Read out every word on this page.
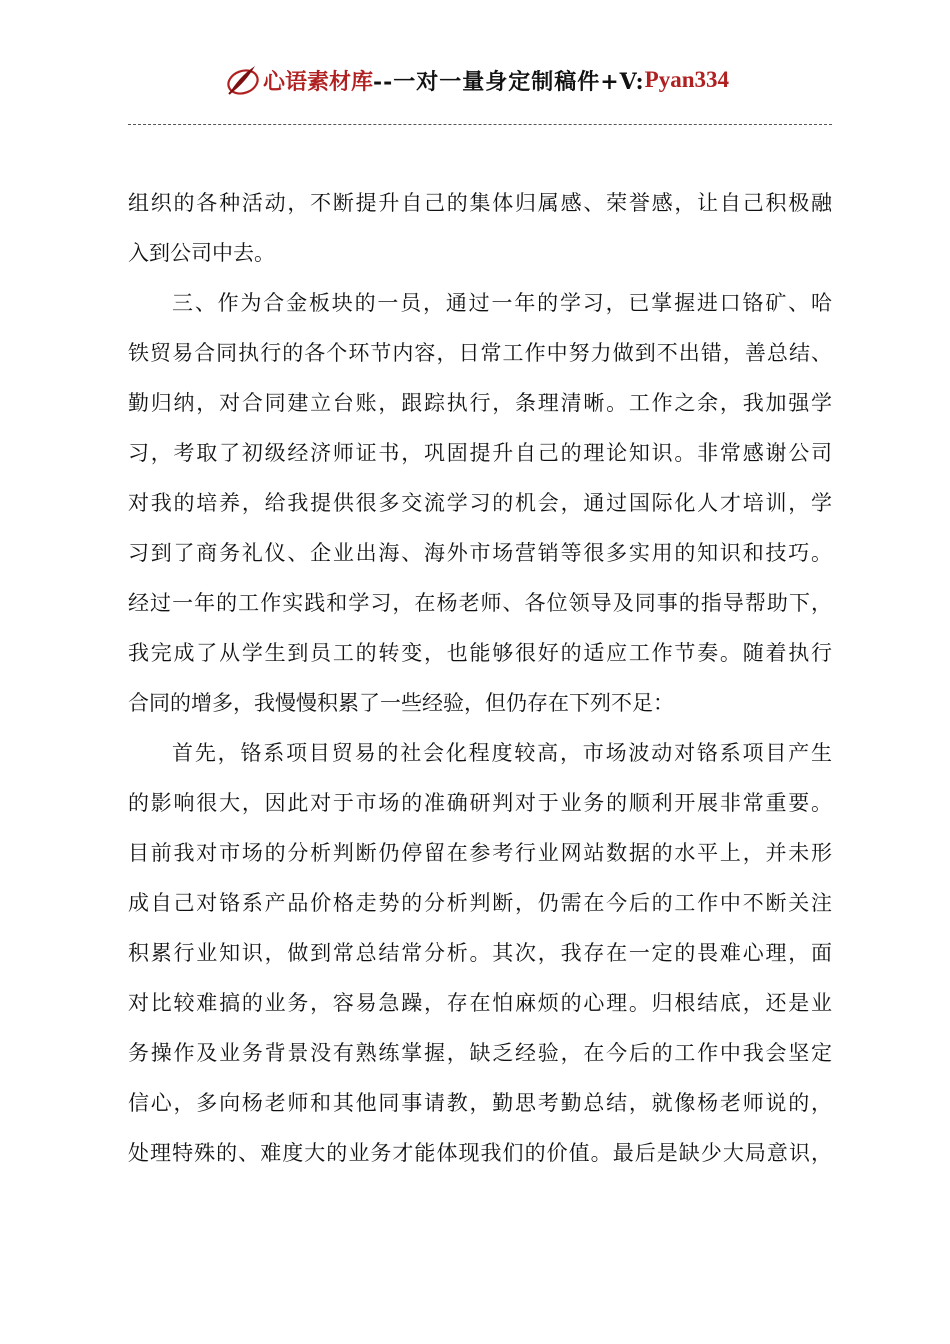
心语素材库 --一对一量身定制稿件+V: Pyan334
组织的各种活动，不断提升自己的集体归属感、荣誉感，让自己积极融
入到公司中去。
三、作为合金板块的一员，通过一年的学习，已掌握进口铬矿、哈
铁贸易合同执行的各个环节内容，日常工作中努力做到不出错，善总结、
勤归纳，对合同建立台账，跟踪执行，条理清晰。工作之余，我加强学
习，考取了初级经济师证书，巩固提升自己的理论知识。非常感谢公司
对我的培养，给我提供很多交流学习的机会，通过国际化人才培训，学
习到了商务礼仪、企业出海、海外市场营销等很多实用的知识和技巧。
经过一年的工作实践和学习，在杨老师、各位领导及同事的指导帮助下，
我完成了从学生到员工的转变，也能够很好的适应工作节奏。随着执行
合同的增多，我慢慢积累了一些经验，但仍存在下列不足：
首先，铬系项目贸易的社会化程度较高，市场波动对铬系项目产生
的影响很大，因此对于市场的准确研判对于业务的顺利开展非常重要。
目前我对市场的分析判断仍停留在参考行业网站数据的水平上，并未形
成自己对铬系产品价格走势的分析判断，仍需在今后的工作中不断关注
积累行业知识，做到常总结常分析。其次，我存在一定的畏难心理，面
对比较难搞的业务，容易急躁，存在怕麻烦的心理。归根结底，还是业
务操作及业务背景没有熟练掌握，缺乏经验，在今后的工作中我会坚定
信心，多向杨老师和其他同事请教，勤思考勤总结，就像杨老师说的，
处理特殊的、难度大的业务才能体现我们的价值。最后是缺少大局意识，
